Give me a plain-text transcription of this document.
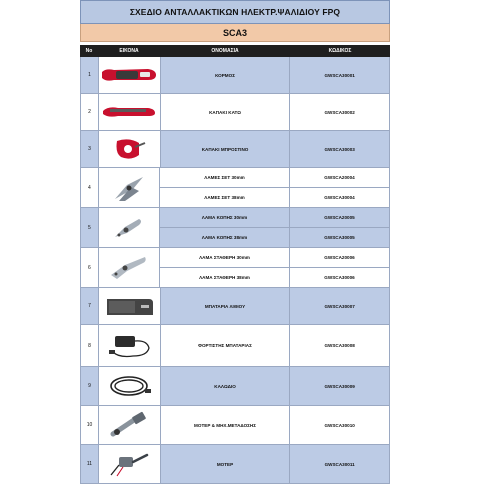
ΣΧΕΔΙΟ ΑΝΤΑΛΛΑΚΤΙΚΩΝ ΗΛΕΚΤΡ.ΨΑΛΙΔΙΟΥ FPQ
SCA3
No	ΕΙΚΟΝΑ	ΟΝΟΜΑΣΙΑ	ΚΩΔΙΚΟΣ
1	ΚΟΡΜΟΣ	GWSCA30001
2	ΚΑΠΑΚΙ ΚΑΤΩ	GWSCA30002
3	ΚΑΠΑΚΙ ΜΠΡΟΣΤΙΝΟ	GWSCA30003
4
ΛΑΜΕΣ ΣΕΤ 30mm	GWSCA20004
ΛΑΜΕΣ ΣΕΤ 38mm	GWSCA30004
5
ΛΑΜΑ ΚΟΠΗΣ 30mm	GWSCA20005
ΛΑΜΑ ΚΟΠΗΣ 38mm	GWSCA30005
6
ΛΑΜΑ ΣΤΑΘΕΡΗ 30mm	GWSCA20006
ΛΑΜΑ ΣΤΑΘΕΡΗ 38mm	GWSCA30006
7	ΜΠΑΤΑΡΙΑ ΛΙΘΙΟΥ	GWSCA30007
8	ΦΟΡΤΙΣΤΗΣ ΜΠΑΤΑΡΙΑΣ	GWSCA30008
9	ΚΑΛΩΔΙΟ	GWSCA30009
10	ΜΟΤΕΡ & ΜΗΧ.ΜΕΤΑΔΟΣΗΣ	GWSCA30010
11	ΜΟΤΕΡ	GWSCA30011
